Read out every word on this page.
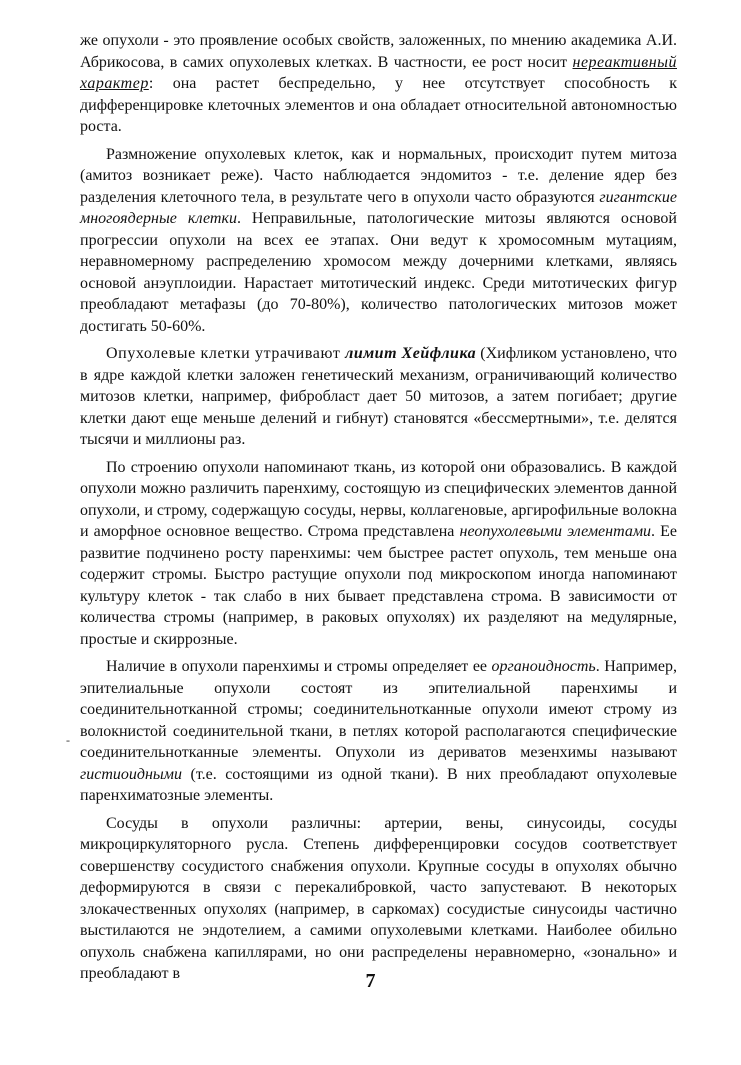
же опухоли - это проявление особых свойств, заложенных, по мнению академика А.И. Абрикосова, в самих опухолевых клетках. В частности, ее рост носит нереактивный характер: она растет беспредельно, у нее отсутствует способность к дифференцировке клеточных элементов и она обладает относительной автономностью роста.

Размножение опухолевых клеток, как и нормальных, происходит путем митоза (амитоз возникает реже). Часто наблюдается эндомитоз - т.е. деление ядер без разделения клеточного тела, в результате чего в опухоли часто образуются гигантские многоядерные клетки. Неправильные, патологические митозы являются основой прогрессии опухоли на всех ее этапах. Они ведут к хромосомным мутациям, неравномерному распределению хромосом между дочерними клетками, являясь основой анэуплоидии. Нарастает митотический индекс. Среди митотических фигур преобладают метафазы (до 70-80%), количество патологических митозов может достигать 50-60%.

Опухолевые клетки утрачивают лимит Хейфлика (Хифликом установлено, что в ядре каждой клетки заложен генетический механизм, ограничивающий количество митозов клетки, например, фибробласт дает 50 митозов, а затем погибает; другие клетки дают еще меньше делений и гибнут) становятся «бессмертными», т.е. делятся тысячи и миллионы раз.

По строению опухоли напоминают ткань, из которой они образовались. В каждой опухоли можно различить паренхиму, состоящую из специфических элементов данной опухоли, и строму, содержащую сосуды, нервы, коллагеновые, аргирофильные волокна и аморфное основное вещество. Строма представлена неопухолевыми элементами. Ее развитие подчинено росту паренхимы: чем быстрее растет опухоль, тем меньше она содержит стромы. Быстро растущие опухоли под микроскопом иногда напоминают культуру клеток - так слабо в них бывает представлена строма. В зависимости от количества стромы (например, в раковых опухолях) их разделяют на медулярные, простые и скиррозные.

Наличие в опухоли паренхимы и стромы определяет ее органоидность. Например, эпителиальные опухоли состоят из эпителиальной паренхимы и соединительнотканной стромы; соединительнотканные опухоли имеют строму из волокнистой соединительной ткани, в петлях которой располагаются специфические соединительнотканные элементы. Опухоли из дериватов мезенхимы называют гистиоидными (т.е. состоящими из одной ткани). В них преобладают опухолевые паренхиматозные элементы.

Сосуды в опухоли различны: артерии, вены, синусоиды, сосуды микроциркуляторного русла. Степень дифференцировки сосудов соответствует совершенству сосудистого снабжения опухоли. Крупные сосуды в опухолях обычно деформируются в связи с перекалибровкой, часто запустевают. В некоторых злокачественных опухолях (например, в саркомах) сосудистые синусоиды частично выстилаются не эндотелием, а самими опухолевыми клетками. Наиболее обильно опухоль снабжена капиллярами, но они распределены неравномерно, «зонально» и преобладают в

-
7
